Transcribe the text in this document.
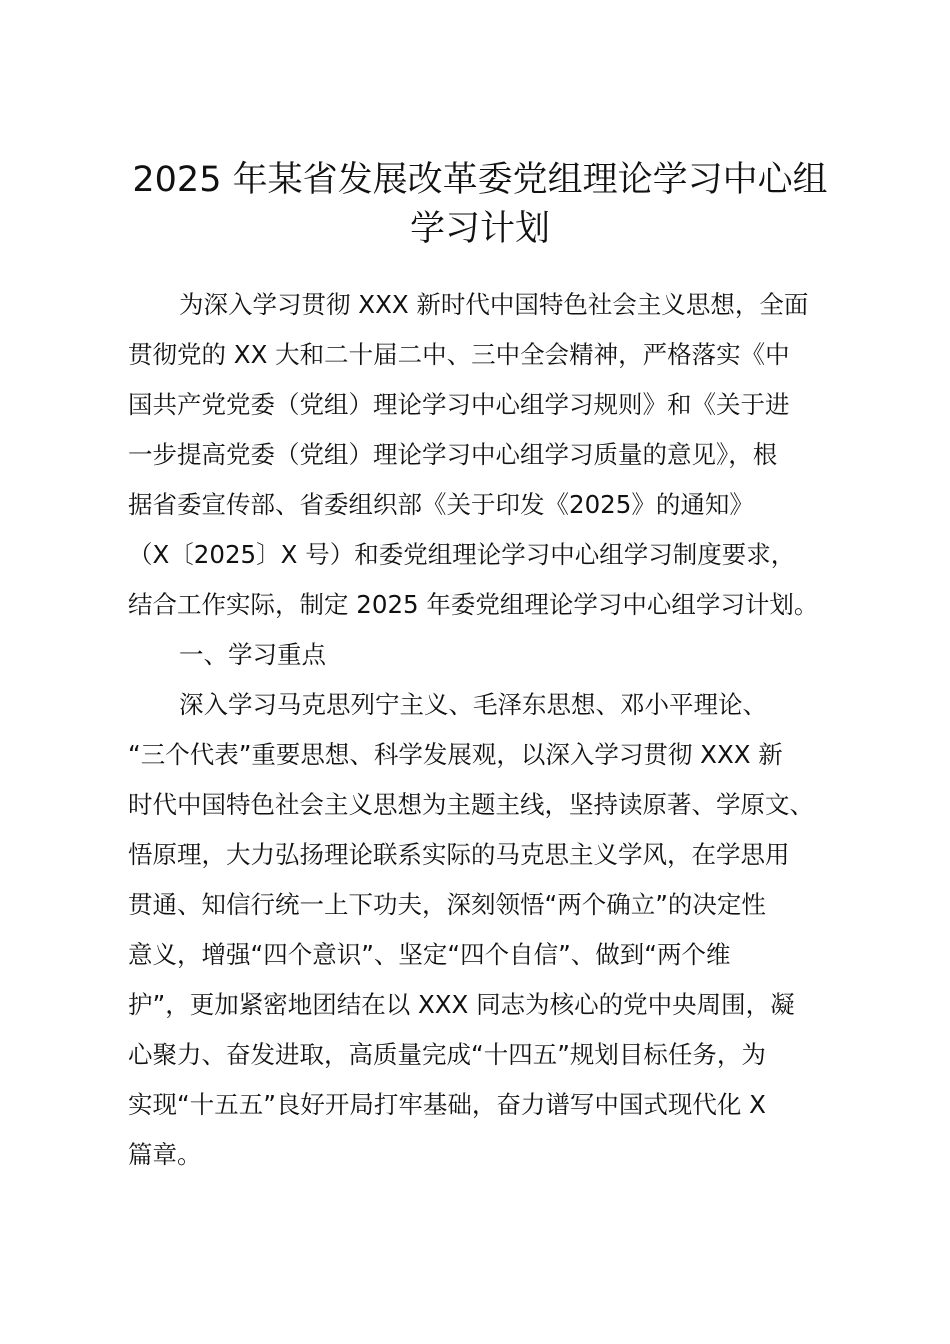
2025 年某省发展改革委党组理论学习中心组
学习计划
为深入学习贯彻 XXX 新时代中国特色社会主义思想，全面
贯彻党的 XX 大和二十届二中、三中全会精神，严格落实《中
国共产党党委（党组）理论学习中心组学习规则》和《关于进
一步提高党委（党组）理论学习中心组学习质量的意见》，根
据省委宣传部、省委组织部《关于印发《2025》的通知》
（X〔2025〕X 号）和委党组理论学习中心组学习制度要求，
结合工作实际，制定 2025 年委党组理论学习中心组学习计划。
一、学习重点
深入学习马克思列宁主义、毛泽东思想、邓小平理论、
“三个代表”重要思想、科学发展观，以深入学习贯彻 XXX 新
时代中国特色社会主义思想为主题主线，坚持读原著、学原文、
悟原理，大力弘扬理论联系实际的马克思主义学风，在学思用
贯通、知信行统一上下功夫，深刻领悟“两个确立”的决定性
意义，增强“四个意识”、坚定“四个自信”、做到“两个维
护”，更加紧密地团结在以 XXX 同志为核心的党中央周围，凝
心聚力、奋发进取，高质量完成“十四五”规划目标任务，为
实现“十五五”良好开局打牢基础，奋力谱写中国式现代化 X
篇章。
